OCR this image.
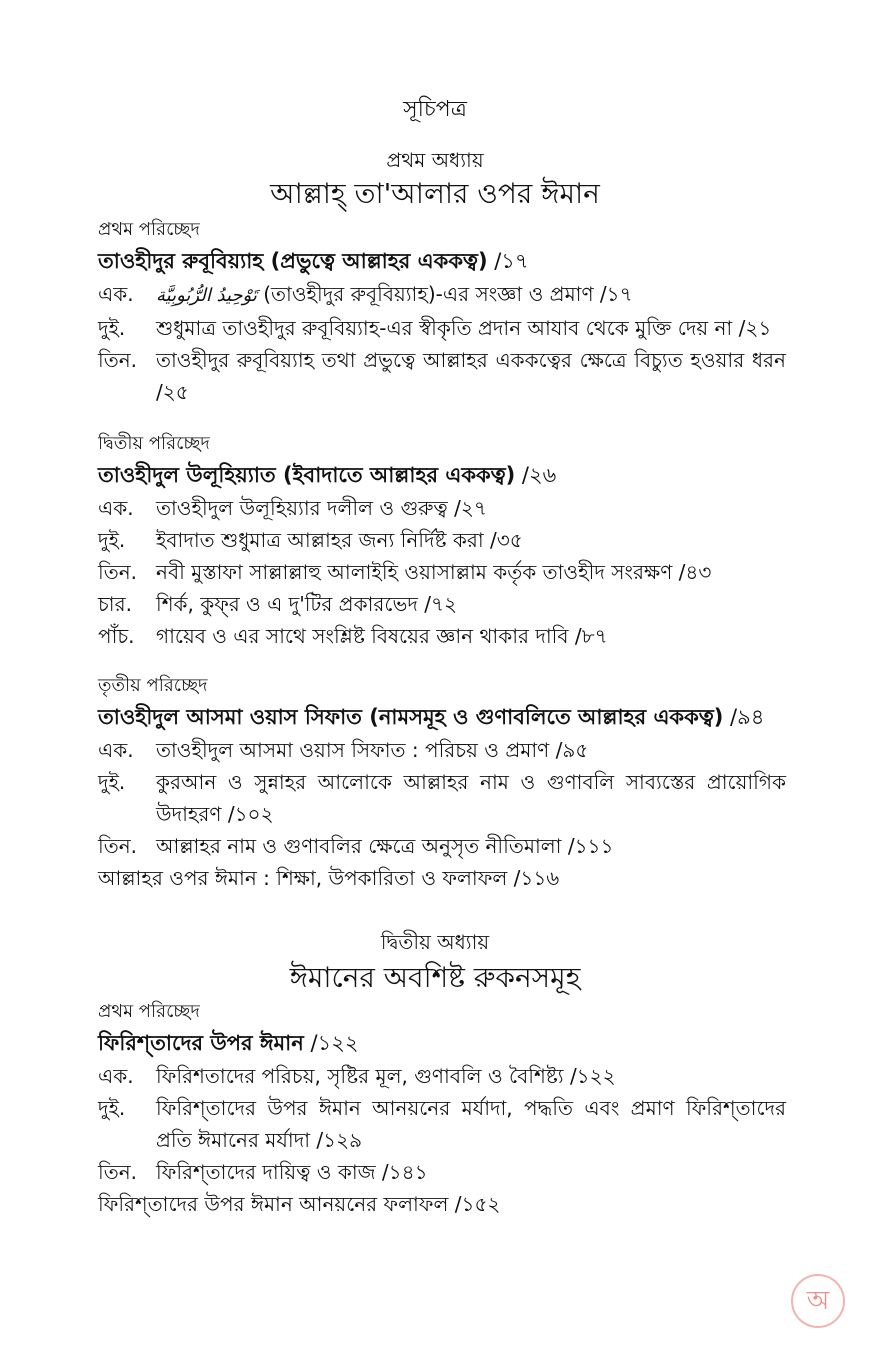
সূচিপত্র
প্রথম অধ্যায়
আল্লাহ্ তা'আলার ওপর ঈমান
প্রথম পরিচ্ছেদ
তাওহীদুর রুবূবিয়্যাহ (প্রভুত্বে আল্লাহর এককত্ব) /১৭
এক.	تَوْحِيدُ الرُّبُوبِيَّة (তাওহীদুর রুবূবিয়্যাহ)-এর সংজ্ঞা ও প্রমাণ /১৭
দুই.	শুধুমাত্র তাওহীদুর রুবূবিয়্যাহ-এর স্বীকৃতি প্রদান আযাব থেকে মুক্তি দেয় না /২১
তিন. তাওহীদুর রুবূবিয়্যাহ তথা প্রভুত্বে আল্লাহর এককত্বের ক্ষেত্রে বিচ্যুত হওয়ার ধরন /২৫
দ্বিতীয় পরিচ্ছেদ
তাওহীদুল উলূহিয়্যাত (ইবাদাতে আল্লাহর এককত্ব) /২৬
এক.	তাওহীদুল উলূহিয়্যার দলীল ও গুরুত্ব /২৭
দুই.	ইবাদাত শুধুমাত্র আল্লাহর জন্য নির্দিষ্ট করা /৩৫
তিন. নবী মুস্তাফা সাল্লাল্লাহু আলাইহি ওয়াসাল্লাম কর্তৃক তাওহীদ সংরক্ষণ /৪৩
চার.	শির্ক, কুফ্‌র ও এ দু'টির প্রকারভেদ /৭২
পাঁচ.	গায়েব ও এর সাথে সংশ্লিষ্ট বিষয়ের জ্ঞান থাকার দাবি /৮৭
তৃতীয় পরিচ্ছেদ
তাওহীদুল আসমা ওয়াস সিফাত (নামসমূহ ও গুণাবলিতে আল্লাহর এককত্ব) /৯৪
এক.	তাওহীদুল আসমা ওয়াস সিফাত : পরিচয় ও প্রমাণ /৯৫
দুই.	কুরআন ও সুন্নাহর আলোকে আল্লাহর নাম ও গুণাবলি সাব্যস্তের প্রায়োগিক উদাহরণ /১০২
তিন. আল্লাহর নাম ও গুণাবলির ক্ষেত্রে অনুসৃত নীতিমালা /১১১
আল্লাহর ওপর ঈমান : শিক্ষা, উপকারিতা ও ফলাফল /১১৬
দ্বিতীয় অধ্যায়
ঈমানের অবশিষ্ট রুকনসমূহ
প্রথম পরিচ্ছেদ
ফিরিশ্‌তাদের উপর ঈমান /১২২
এক.	ফিরিশতাদের পরিচয়, সৃষ্টির মূল, গুণাবলি ও বৈশিষ্ট্য /১২২
দুই.	ফিরিশ্‌তাদের উপর ঈমান আনয়নের মর্যাদা, পদ্ধতি এবং প্রমাণ ফিরিশ্‌তাদের প্রতি ঈমানের মর্যাদা /১২৯
তিন. ফিরিশ্‌তাদের দায়িত্ব ও কাজ /১৪১
ফিরিশ্‌তাদের উপর ঈমান আনয়নের ফলাফল /১৫২
অ
